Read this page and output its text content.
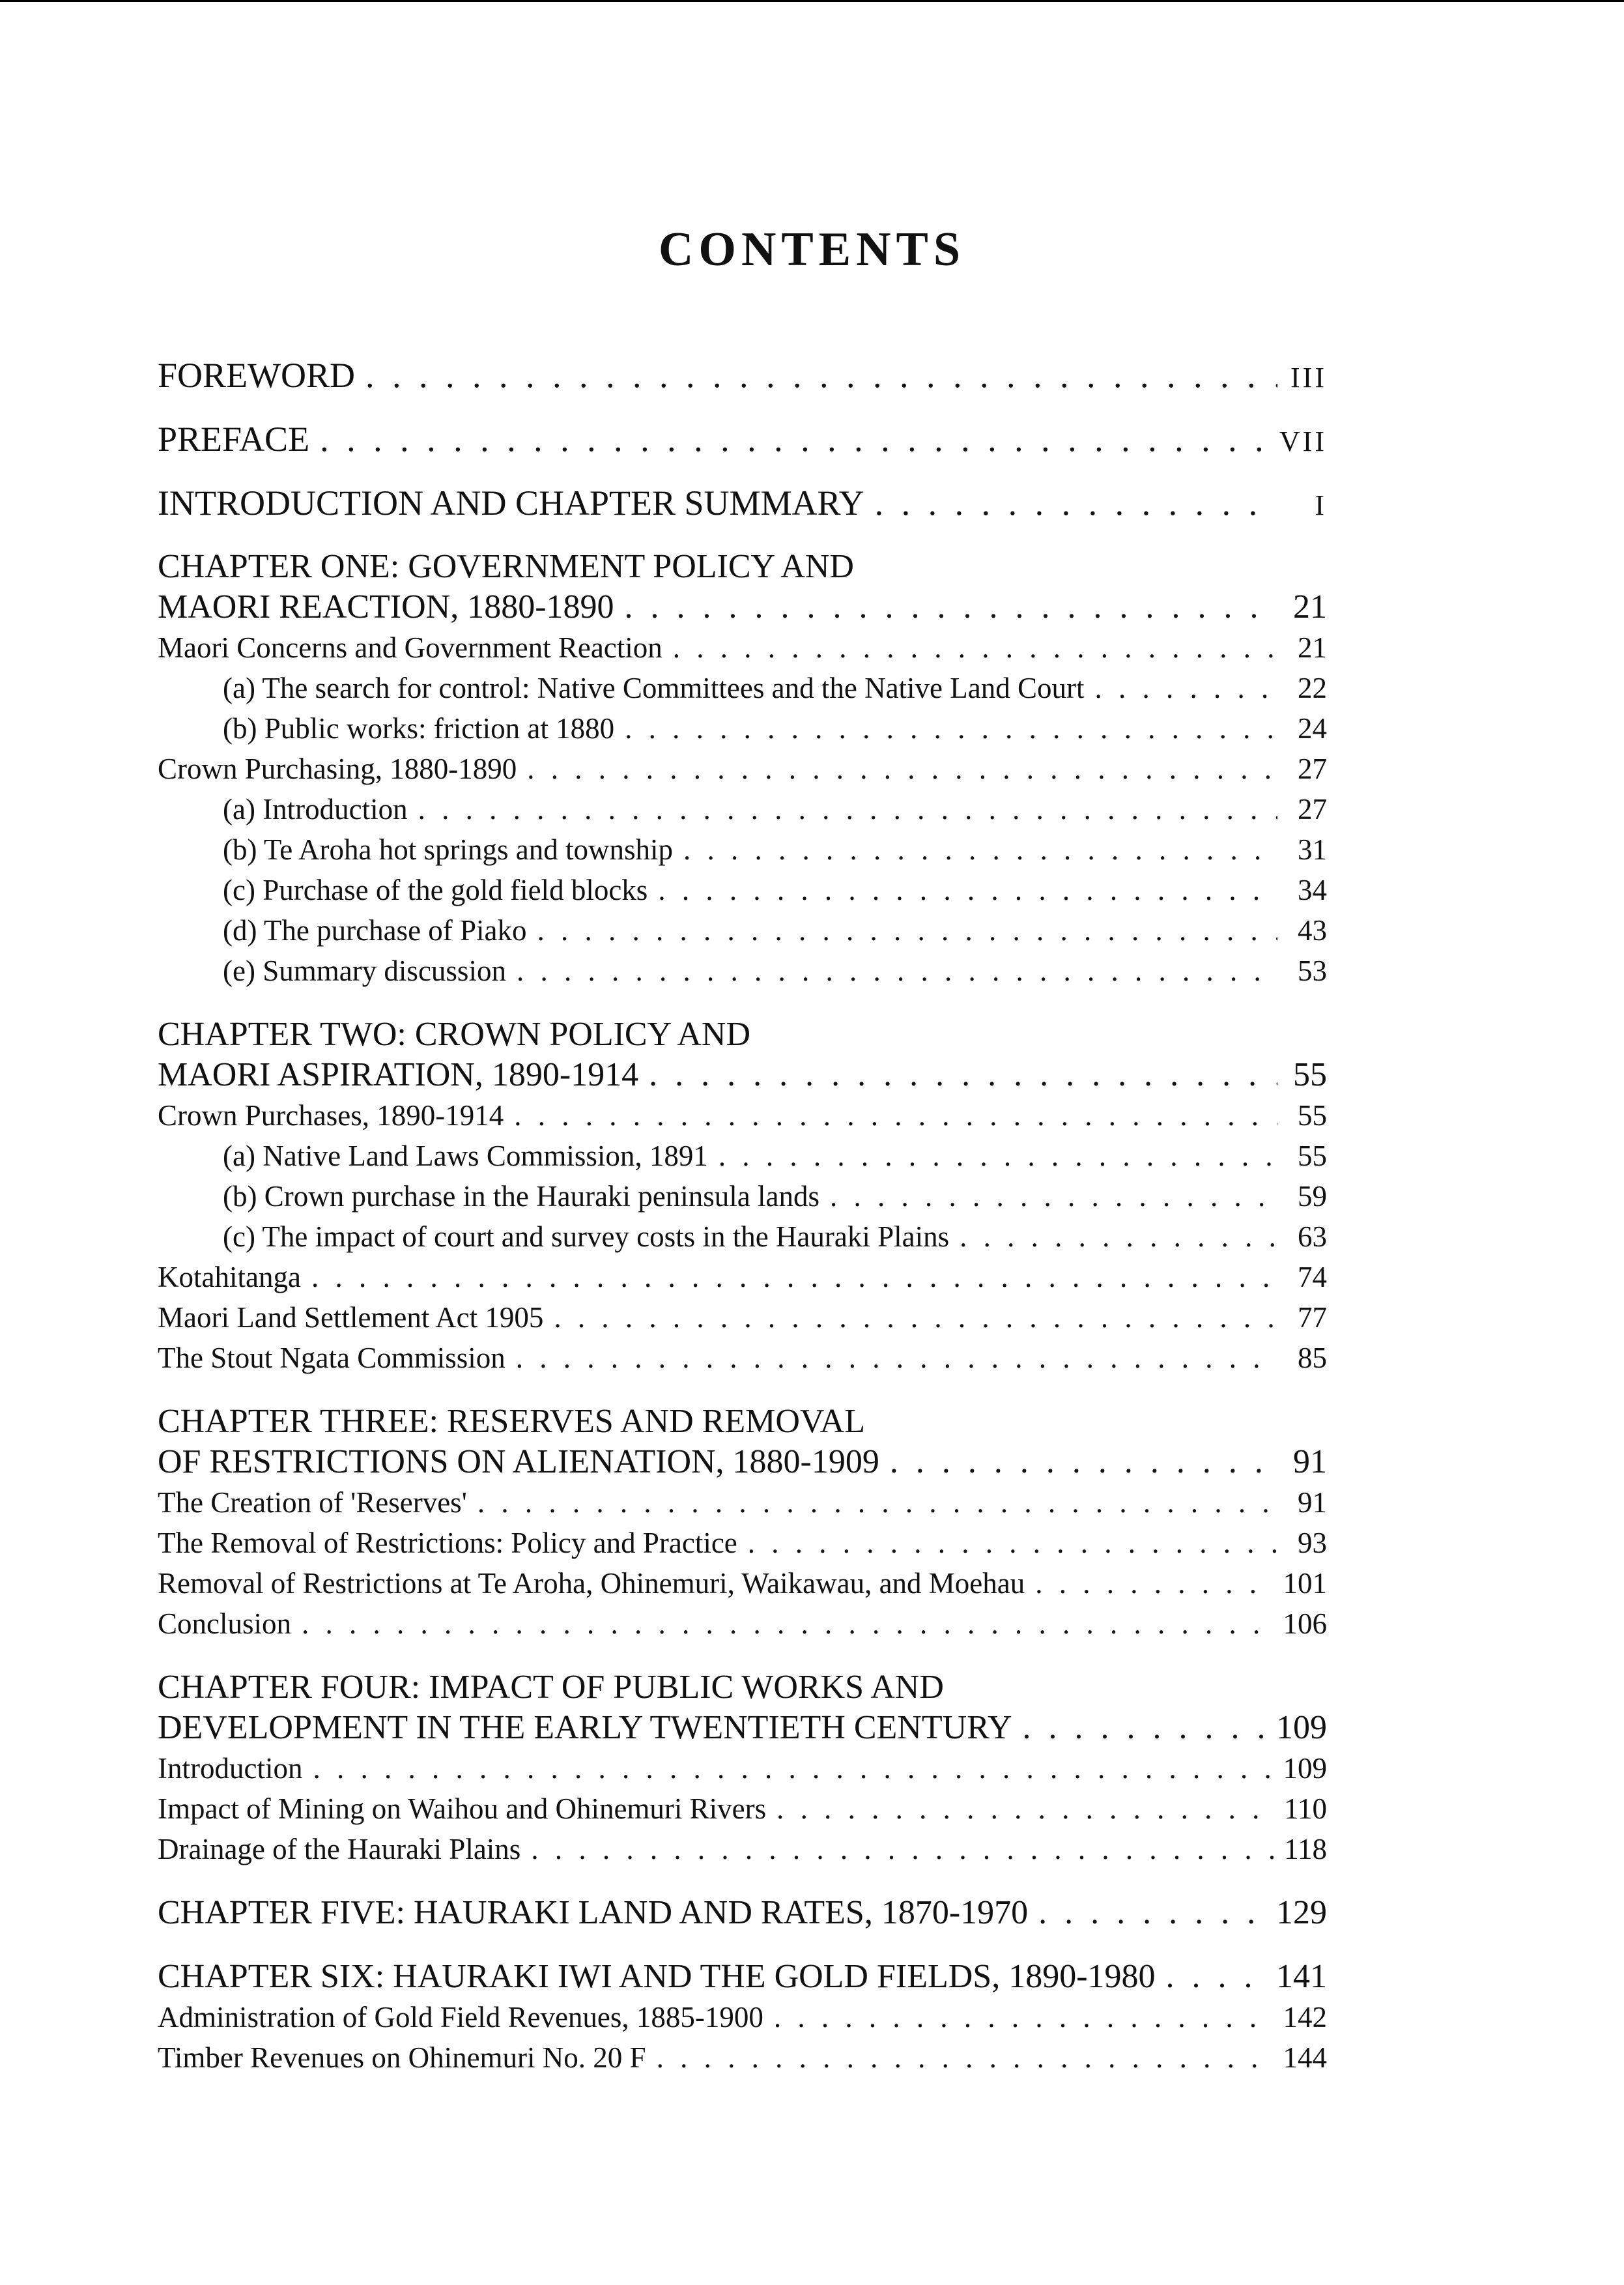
CONTENTS
FOREWORD . . .	III
PREFACE . . .	VII
INTRODUCTION AND CHAPTER SUMMARY . . .	I
CHAPTER ONE: GOVERNMENT POLICY AND
MAORI REACTION, 1880-1890 . . .	21
Maori Concerns and Government Reaction . . .	21
(a) The search for control: Native Committees and the Native Land Court . . .	22
(b) Public works: friction at 1880 . . .	24
Crown Purchasing, 1880-1890 . . .	27
(a) Introduction . . .	27
(b) Te Aroha hot springs and township . . .	31
(c) Purchase of the gold field blocks . . .	34
(d) The purchase of Piako . . .	43
(e) Summary discussion . . .	53
CHAPTER TWO: CROWN POLICY AND
MAORI ASPIRATION, 1890-1914 . . .	55
Crown Purchases, 1890-1914 . . .	55
(a) Native Land Laws Commission, 1891 . . .	55
(b) Crown purchase in the Hauraki peninsula lands . . .	59
(c) The impact of court and survey costs in the Hauraki Plains . . .	63
Kotahitanga . . .	74
Maori Land Settlement Act 1905 . . .	77
The Stout Ngata Commission . . .	85
CHAPTER THREE: RESERVES AND REMOVAL
OF RESTRICTIONS ON ALIENATION, 1880-1909 . . .	91
The Creation of 'Reserves' . . .	91
The Removal of Restrictions: Policy and Practice . . .	93
Removal of Restrictions at Te Aroha, Ohinemuri, Waikawau, and Moehau . . .	101
Conclusion . . .	106
CHAPTER FOUR: IMPACT OF PUBLIC WORKS AND
DEVELOPMENT IN THE EARLY TWENTIETH CENTURY . . .	109
Introduction . . .	109
Impact of Mining on Waihou and Ohinemuri Rivers . . .	110
Drainage of the Hauraki Plains . . .	118
CHAPTER FIVE: HAURAKI LAND AND RATES, 1870-1970 . . .	129
CHAPTER SIX: HAURAKI IWI AND THE GOLD FIELDS, 1890-1980 . . .	141
Administration of Gold Field Revenues, 1885-1900 . . .	142
Timber Revenues on Ohinemuri No. 20 F . . .	144
